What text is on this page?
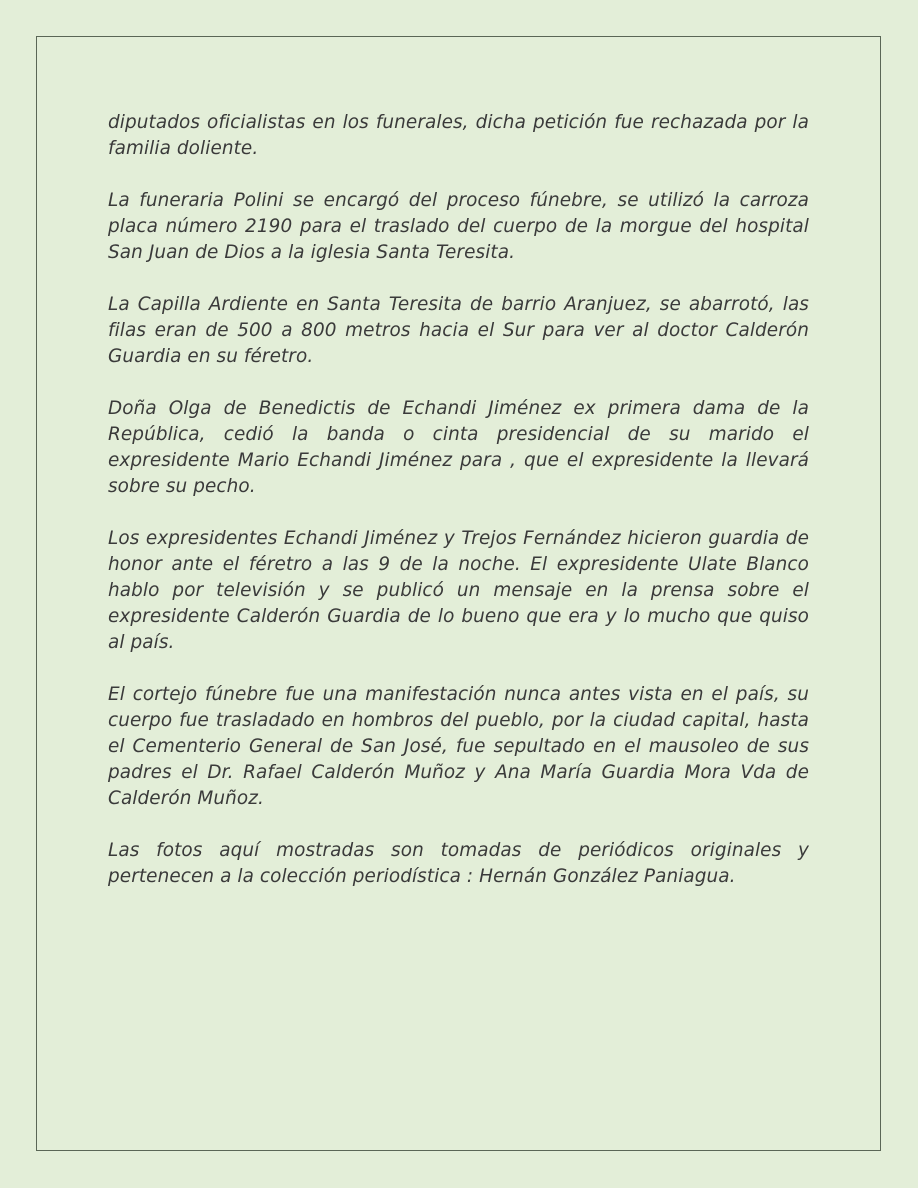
diputados oficialistas en los funerales, dicha petición fue rechazada por la familia doliente.

La funeraria Polini se encargó del proceso fúnebre, se utilizó la carroza placa número 2190 para el traslado del cuerpo de la morgue del hospital San Juan de Dios a la iglesia Santa Teresita.

La Capilla Ardiente en Santa Teresita de barrio Aranjuez, se abarrotó, las filas eran de 500 a 800 metros hacia el Sur para ver al doctor Calderón Guardia en su féretro.

Doña Olga de Benedictis de Echandi Jiménez ex primera dama de la República, cedió la banda o cinta presidencial de su marido el expresidente Mario Echandi Jiménez para , que el expresidente la llevará sobre su pecho.

Los expresidentes Echandi Jiménez y Trejos Fernández hicieron guardia de honor ante el féretro a las 9 de la noche. El expresidente Ulate Blanco hablo por televisión y se publicó un mensaje en la prensa sobre el expresidente Calderón Guardia de lo bueno que era y lo mucho que quiso al país.

El cortejo fúnebre fue una manifestación nunca antes vista en el país, su cuerpo fue trasladado en hombros del pueblo, por la ciudad capital, hasta el Cementerio General de San José, fue sepultado en el mausoleo de sus padres el Dr. Rafael Calderón Muñoz y Ana María Guardia Mora Vda de Calderón Muñoz.

Las fotos aquí mostradas son tomadas de periódicos originales y pertenecen a la colección periodística : Hernán González Paniagua.
